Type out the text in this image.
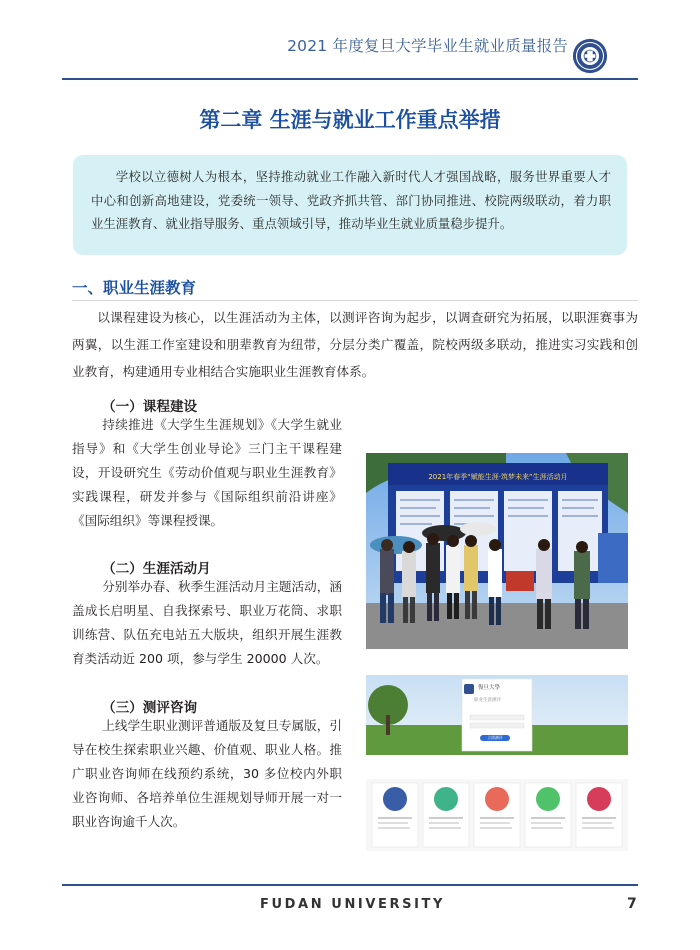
2021 年度复旦大学毕业生就业质量报告
第二章 生涯与就业工作重点举措

学校以立德树人为根本，坚持推动就业工作融入新时代人才强国战略，服务世界重要人才中心和创新高地建设，党委统一领导、党政齐抓共管、部门协同推进、校院两级联动，着力职业生涯教育、就业指导服务、重点领域引导，推动毕业生就业质量稳步提升。

一、职业生涯教育

以课程建设为核心，以生涯活动为主体，以测评咨询为起步，以调查研究为拓展，以职涯赛事为两翼，以生涯工作室建设和朋辈教育为纽带，分层分类广覆盖，院校两级多联动，推进实习实践和创业教育，构建通用专业相结合实施职业生涯教育体系。

（一）课程建设

持续推进《大学生生涯规划》《大学生就业指导》和《大学生创业导论》三门主干课程建设，开设研究生《劳动价值观与职业生涯教育》实践课程，研发并参与《国际组织前沿讲座》《国际组织》等课程授课。

（二）生涯活动月

分别举办春、秋季生涯活动月主题活动，涵盖成长启明星、自我探索号、职业万花筒、求职训练营、队伍充电站五大版块，组织开展生涯教育类活动近 200 项，参与学生 20000 人次。

（三）测评咨询

上线学生职业测评普通版及复旦专属版，引导在校生探索职业兴趣、价值观、职业人格。推广职业咨询师在线预约系统，30 多位校内外职业咨询师、各培养单位生涯规划导师开展一对一职业咨询逾千人次。

2021年春季“赋能生涯·筑梦未来”生涯活动月
復旦大學
职业生涯测评
立即测评
FUDAN UNIVERSITY	7
